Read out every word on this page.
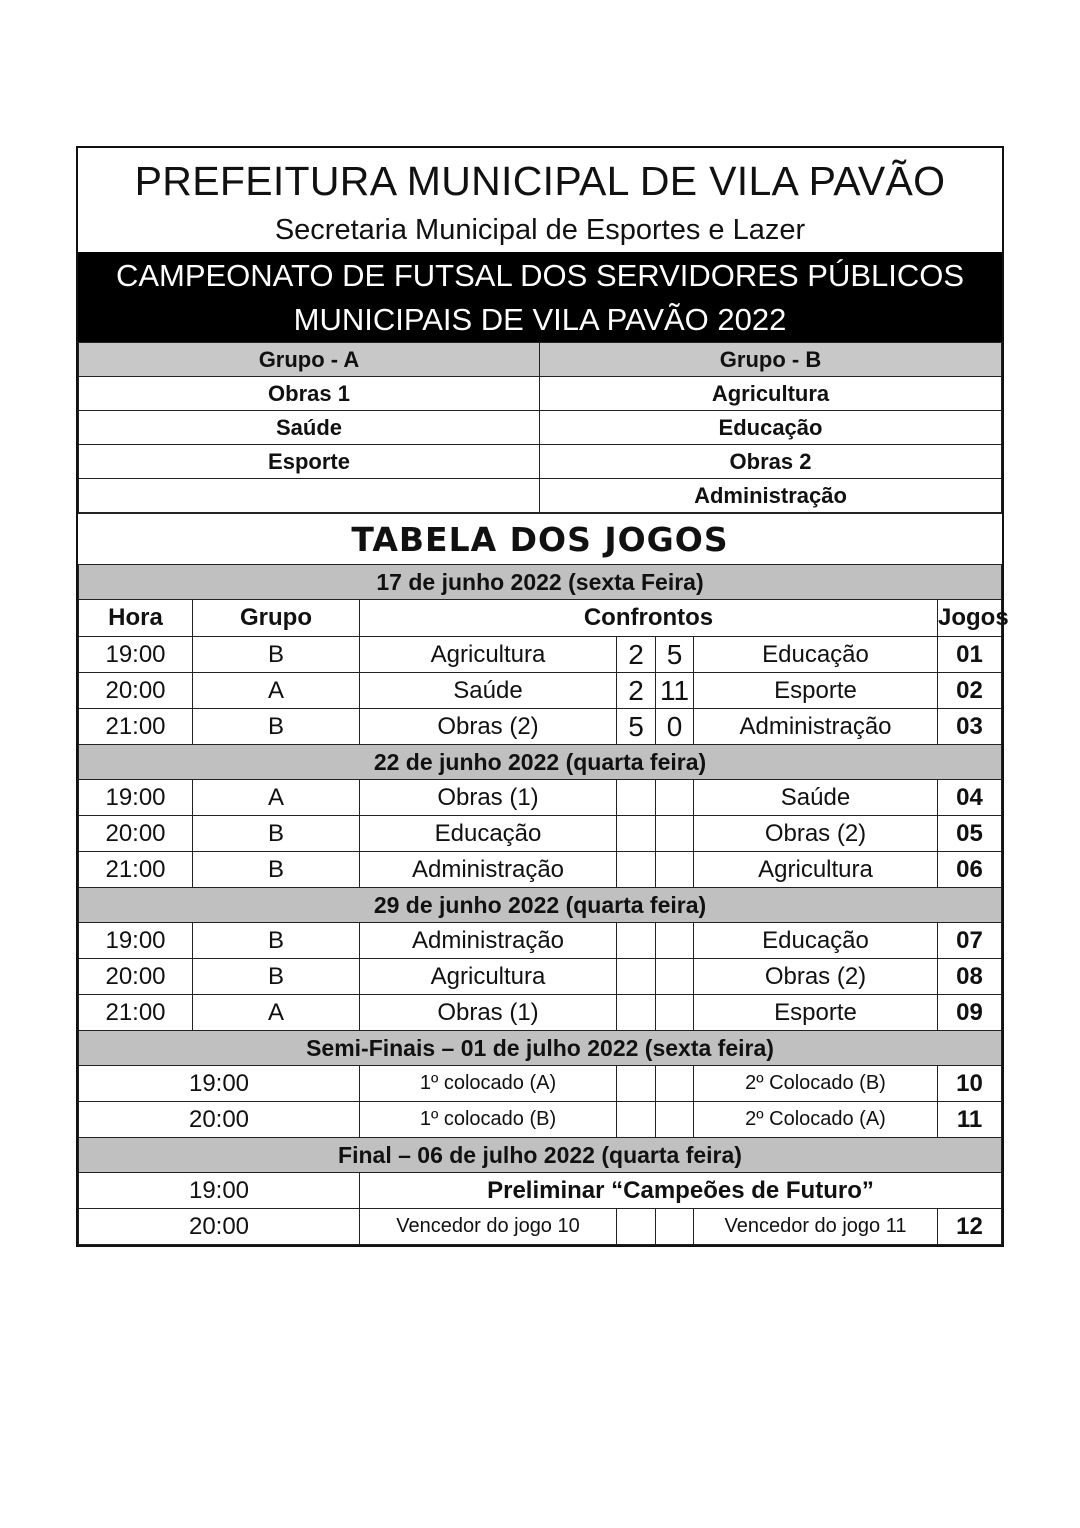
PREFEITURA MUNICIPAL DE VILA PAVÃO
Secretaria Municipal de Esportes e Lazer
CAMPEONATO DE FUTSAL DOS SERVIDORES PÚBLICOS
MUNICIPAIS DE VILA PAVÃO 2022
Grupo - A	Grupo - B
Obras 1	Agricultura
Saúde	Educação
Esporte	Obras 2
	Administração
TABELA DOS JOGOS
17 de junho 2022 (sexta Feira)						
Hora	Grupo	Confrontos				Jogos
19:00	B	Agricultura	2	5	Educação	01
20:00	A	Saúde	2	11	Esporte	02
21:00	B	Obras (2)	5	0	Administração	03
22 de junho 2022 (quarta feira)						
19:00	A	Obras (1)			Saúde	04
20:00	B	Educação			Obras (2)	05
21:00	B	Administração			Agricultura	06
29 de junho 2022 (quarta feira)						
19:00	B	Administração			Educação	07
20:00	B	Agricultura			Obras (2)	08
21:00	A	Obras (1)			Esporte	09
Semi-Finais – 01 de julho 2022 (sexta feira)						
19:00		1º colocado (A)			2º Colocado (B)	10
20:00		1º colocado (B)			2º Colocado (A)	11
Final – 06 de julho 2022 (quarta feira)						
19:00		Preliminar “Campeões de Futuro”				
20:00		Vencedor do jogo 10			Vencedor do jogo 11	12
